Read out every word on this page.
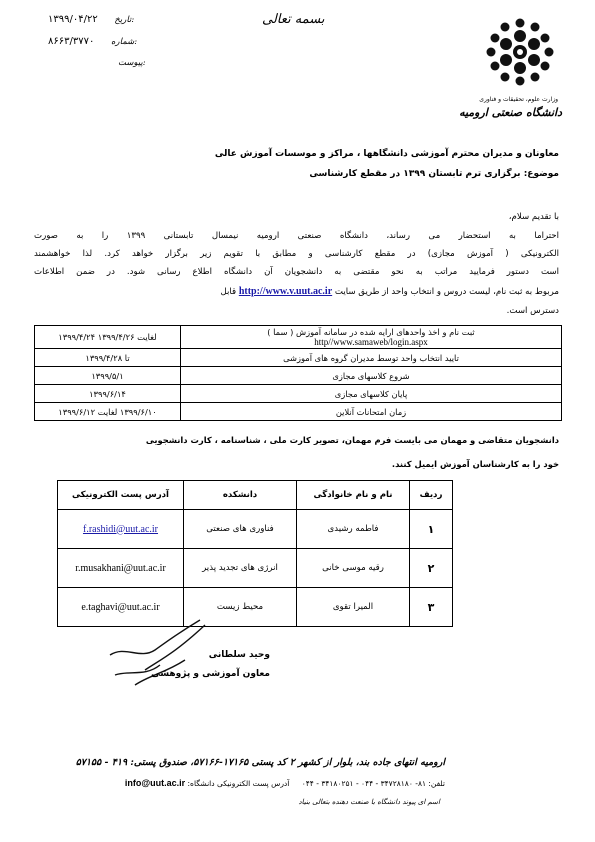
بسمه تعالی
۱۳۹۹/۰۴/۲۲ تاریخ:
۸۶۶۳/۳۷۷۰ شماره:
پیوست:
وزارت علوم، تحقیقات و فناوری
دانشگاه صنعتی ارومیه
معاونان و مدیران محترم آموزشی دانشگاهها ، مراکز و موسسات آموزش عالی
موضوع: برگزاری ترم تابستان ۱۳۹۹ در مقطع کارشناسی
با تقدیم سلام،
احتراما به استحضار می رساند، دانشگاه صنعتی ارومیه نیمسال تابستانی ۱۳۹۹ را به صورت
الکترونیکی ( آموزش مجازی) در مقطع کارشناسی و مطابق با تقویم زیر برگزار خواهد کرد. لذا خواهشمند
است دستور فرمایید مراتب به نحو مقتضی به دانشجویان آن دانشگاه اطلاع رسانی شود. در ضمن اطلاعات
مربوط به ثبت نام، لیست دروس و انتخاب واحد از طریق سایت http://www.v.uut.ac.ir قابل
دسترس است.
۱۳۹۹/۴/۲۴ لغایت ۱۳۹۹/۴/۲۶	ثبت نام و اخذ واحدهای ارایه شده در سامانه آموزش ( سما )
http//www.samaweb/login.aspx

تا ۱۳۹۹/۴/۲۸	تایید انتخاب واحد توسط مدیران گروه های آموزشی
۱۳۹۹/۵/۱	شروع کلاسهای مجازی
۱۳۹۹/۶/۱۴	پایان کلاسهای مجازی
۱۳۹۹/۶/۱۰ لغایت ۱۳۹۹/۶/۱۲	زمان امتحانات آنلاین
دانشجویان متقاضی و مهمان می بایست فرم مهمان، تصویر کارت ملی ، شناسنامه ، کارت دانشجویی
خود را به کارشناسان آموزش ایمیل کنند.
ردیف	نام و نام خانوادگی	دانشکده	آدرس پست الکترونیکی
۱	فاطمه رشیدی	فناوری های صنعتی	f.rashidi@uut.ac.ir
۲	رقیه موسی خانی	انرژی های تجدید پذیر	r.musakhani@uut.ac.ir
۳	المیرا تقوی	محیط زیست	e.taghavi@uut.ac.ir
وحید سلطانی
معاون آموزشی و پژوهشی
ارومیه انتهای جاده بند، بلوار از کشهر ۲ کد پستی ۱۷۱۶۵-۵۷۱۶۶، صندوق پستی: ۴۱۹ - ۵۷۱۵۵
تلفن: ۸۱- ۳۴۷۲۸۱۸۰ - ۰۴۴ - ۳۴۱۸۰۲۵۱ - ۰۴۴ آدرس پست الکترونیکی دانشگاه: info@uut.ac.ir
اسم ای پیوند دانشگاه با صنعت دهنده بتعالی بنیاد
